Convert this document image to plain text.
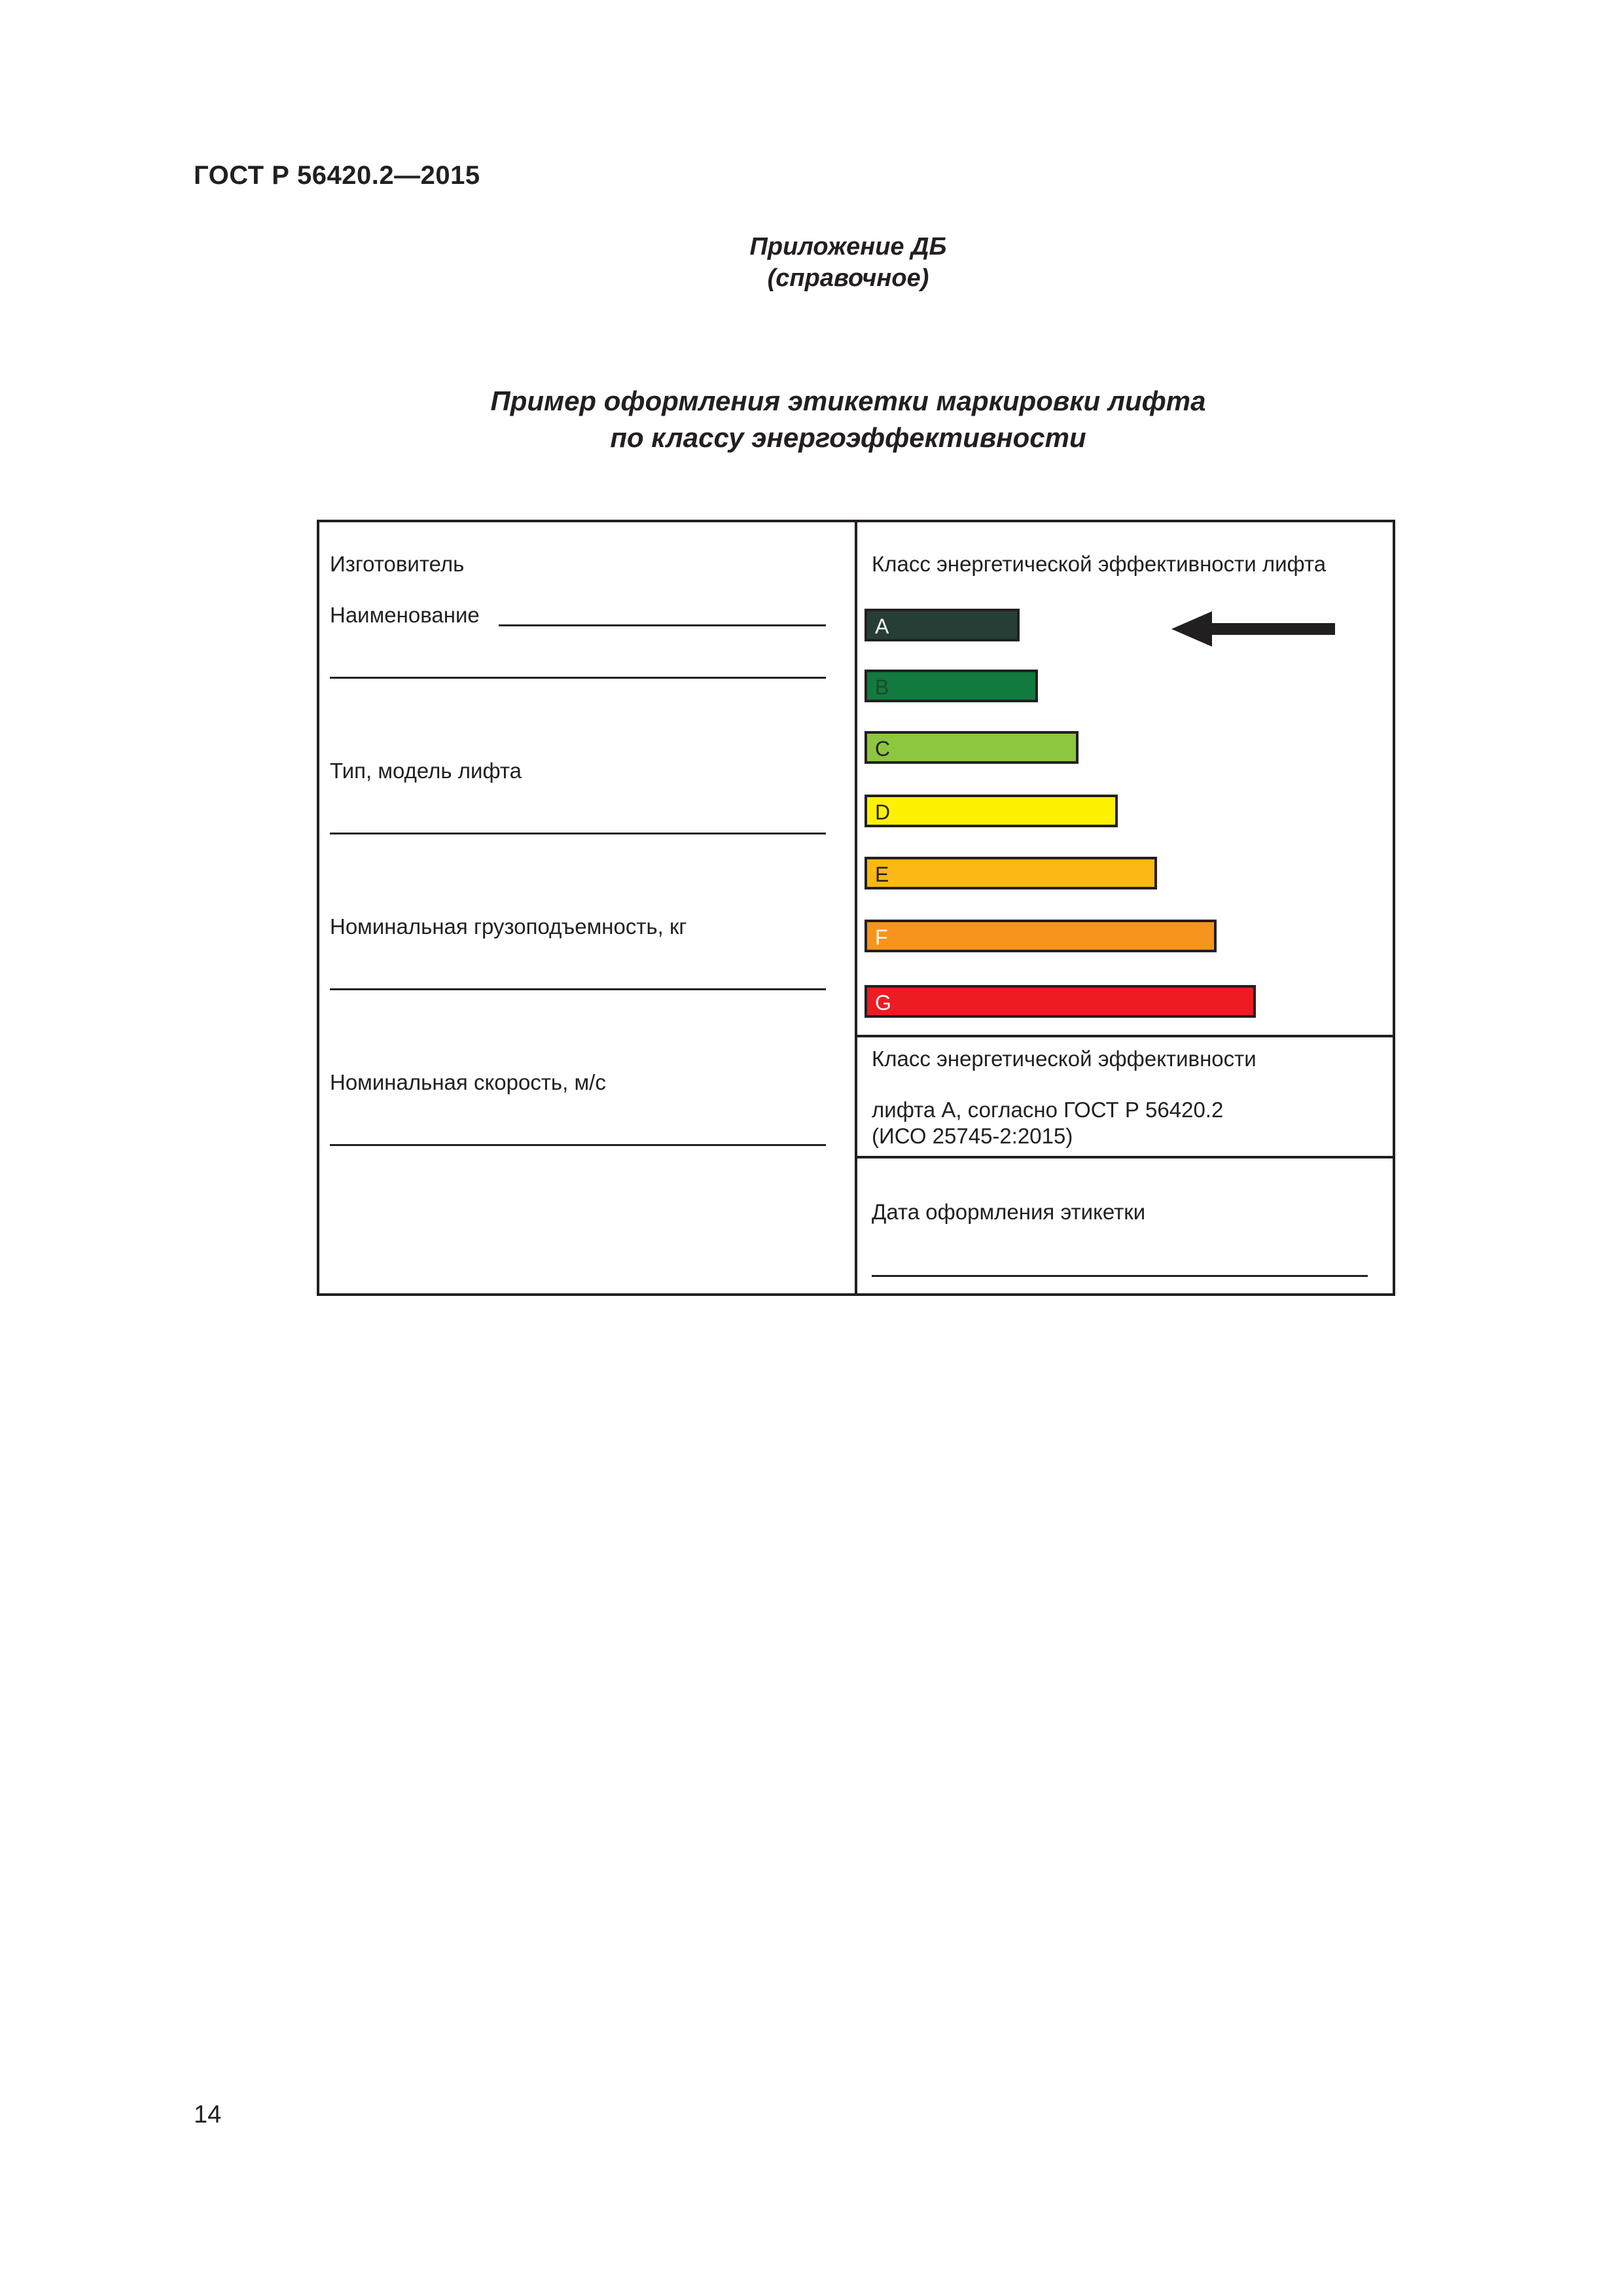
ГОСТ Р 56420.2—2015
Приложение ДБ
(справочное)
Пример оформления этикетки маркировки лифта
по классу энергоэффективности
Изготовитель
Наименование
Тип, модель лифта
Номинальная грузоподъемность, кг
Номинальная скорость, м/с
Класс энергетической эффективности лифта
A
B
C
D
E
F
G
Класс энергетической эффективности
лифта А, согласно ГОСТ Р 56420.2
(ИСО 25745-2:2015)
Дата оформления этикетки
14
